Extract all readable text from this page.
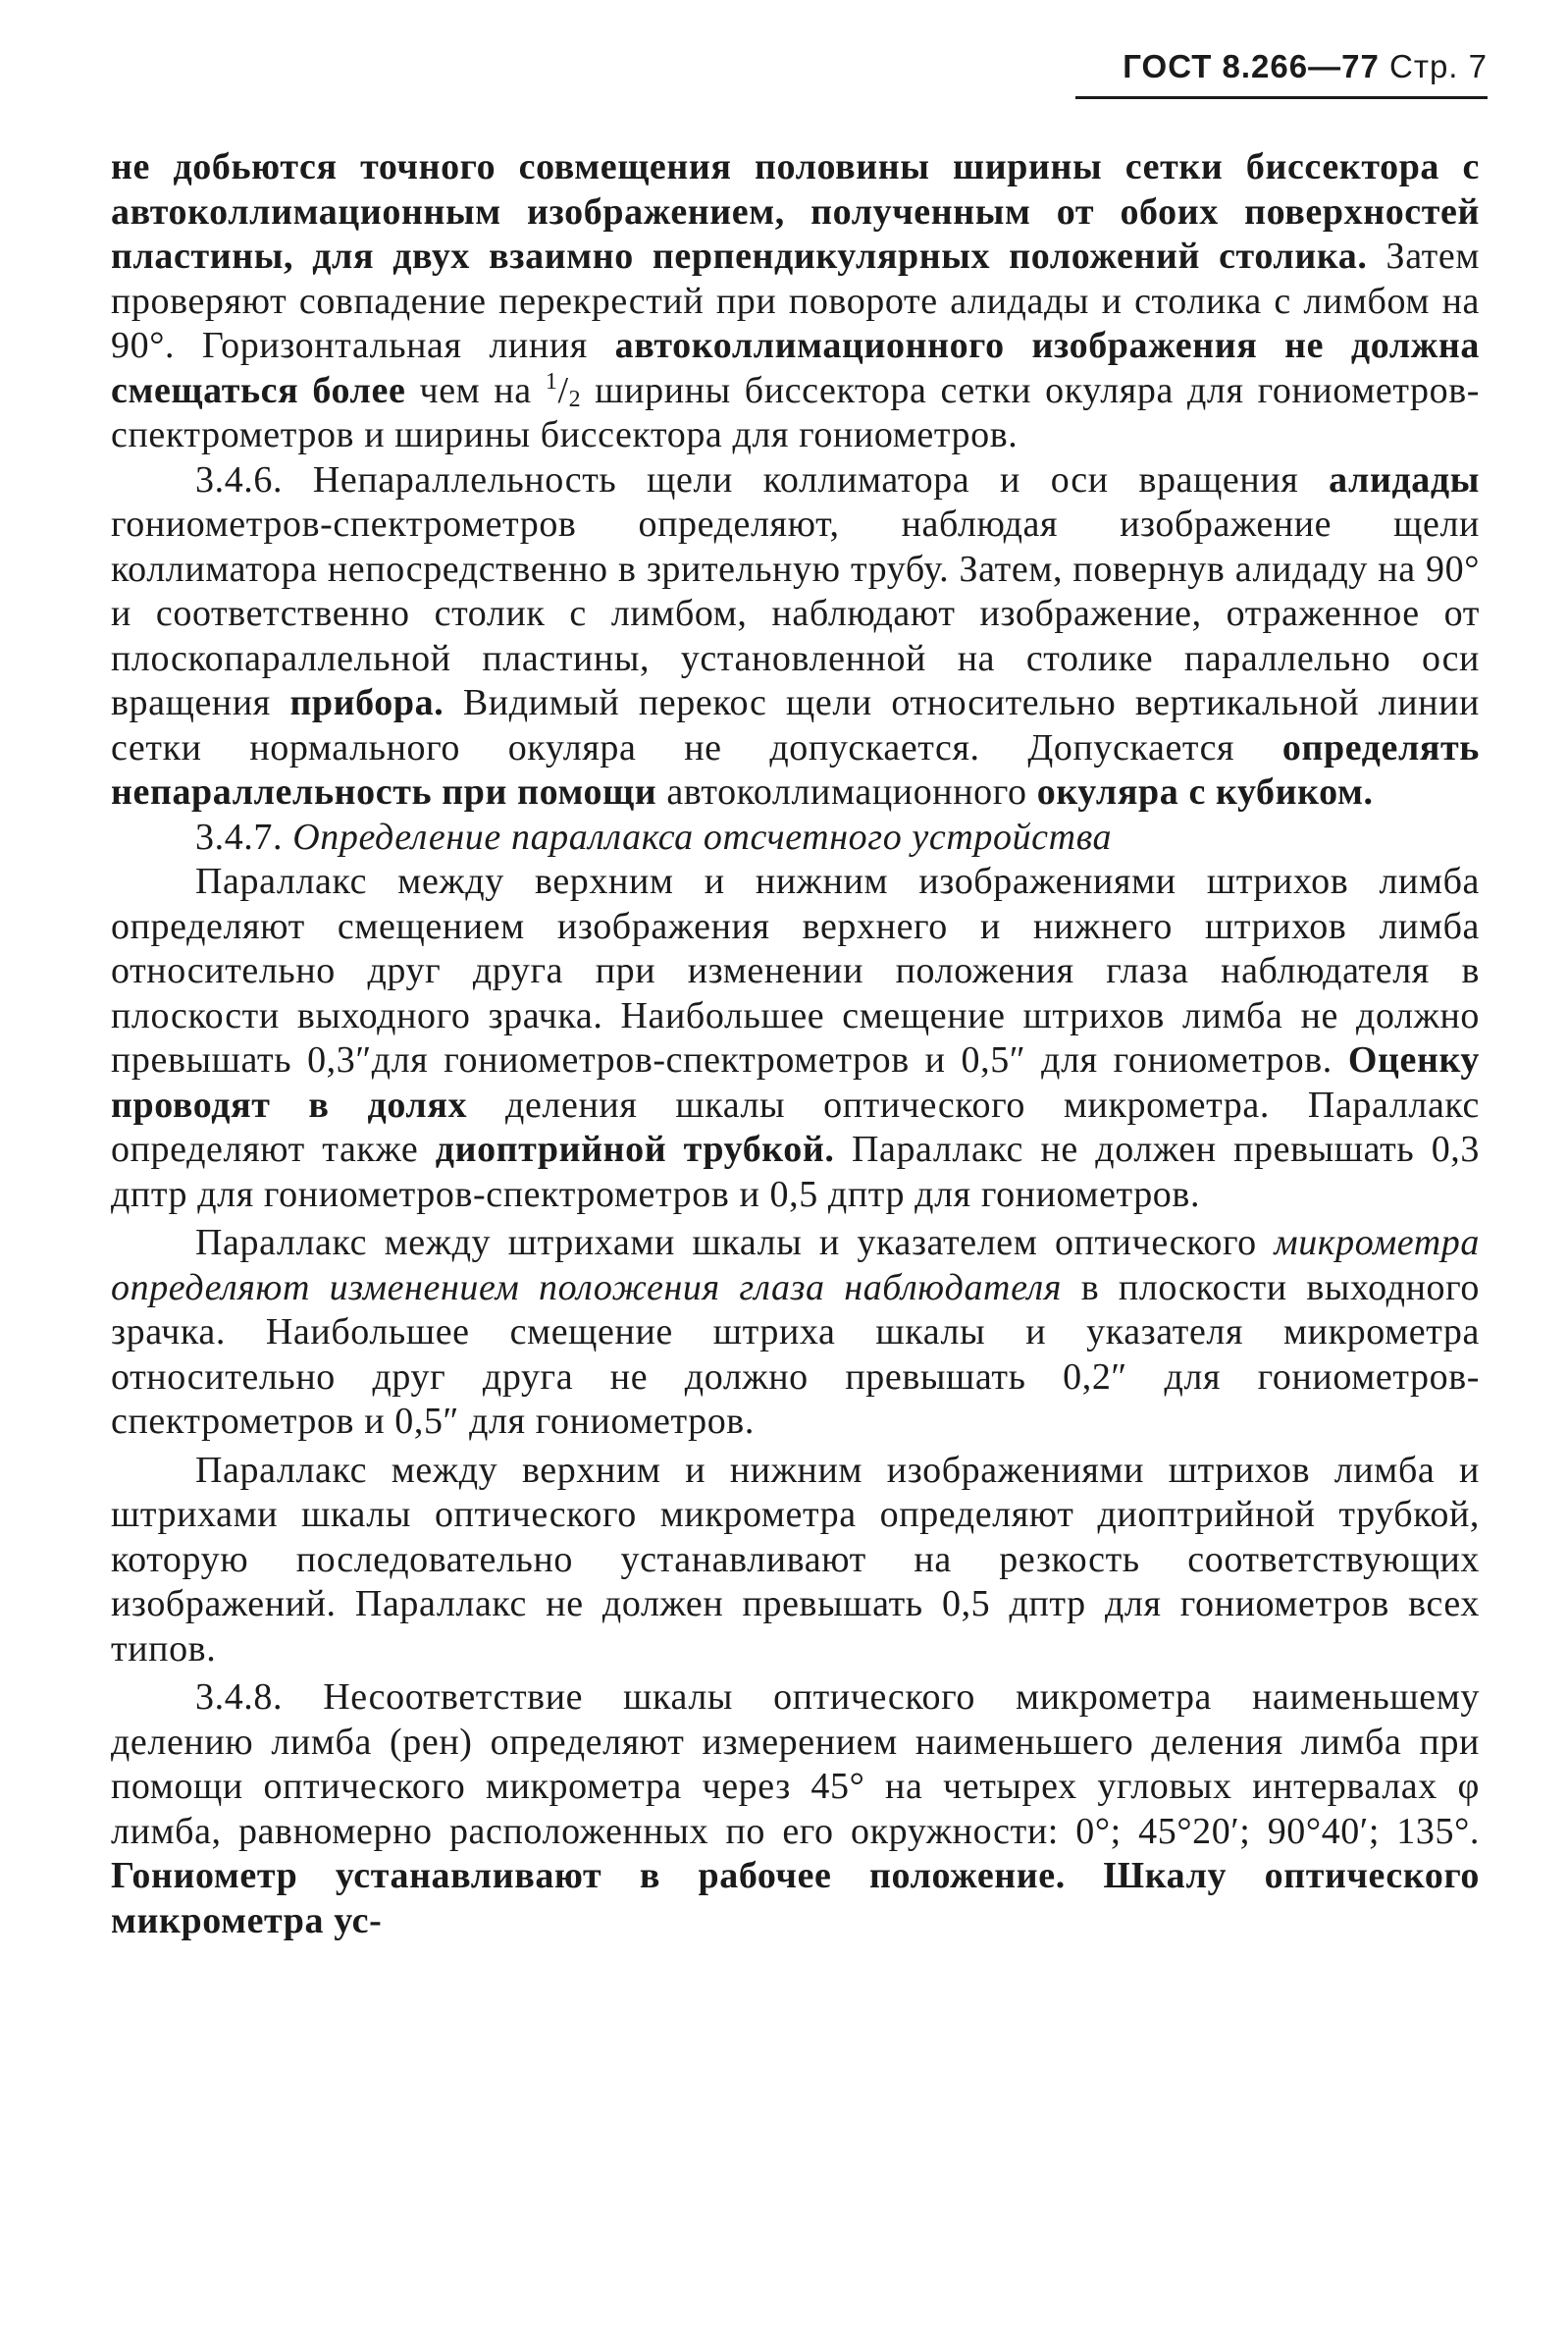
ГОСТ 8.266—77 Стр. 7

не добьются точного совмещения половины ширины сетки биссектора с автоколлимационным изображением, полученным от обоих поверхностей пластины, для двух взаимно перпендикулярных положений столика. Затем проверяют совпадение перекрестий при повороте алидады и столика с лимбом на 90°. Горизонтальная линия автоколлимационного изображения не должна смещаться более чем на $^1/_2$ ширины биссектора сетки окуляра для гониометров-спектрометров и ширины биссектора для гониометров.

3.4.6. Непараллельность щели коллиматора и оси вращения алидады гониометров-спектрометров определяют, наблюдая изображение щели коллиматора непосредственно в зрительную трубу. Затем, повернув алидаду на 90° и соответственно столик с лимбом, наблюдают изображение, отраженное от плоскопараллельной пластины, установленной на столике параллельно оси вращения прибора. Видимый перекос щели относительно вертикальной линии сетки нормального окуляра не допускается. Допускается определять непараллельность при помощи автоколлимационного окуляра с кубиком.

3.4.7. Определение параллакса отсчетного устройства

Параллакс между верхним и нижним изображениями штрихов лимба определяют смещением изображения верхнего и нижнего штрихов лимба относительно друг друга при изменении положения глаза наблюдателя в плоскости выходного зрачка. Наибольшее смещение штрихов лимба не должно превышать 0,3″для гониометров-спектрометров и 0,5″ для гониометров. Оценку проводят в долях деления шкалы оптического микрометра. Параллакс определяют также диоптрийной трубкой. Параллакс не должен превышать 0,3 дптр для гониометров-спектрометров и 0,5 дптр для гониометров.

Параллакс между штрихами шкалы и указателем оптического микрометра определяют изменением положения глаза наблюдателя в плоскости выходного зрачка. Наибольшее смещение штриха шкалы и указателя микрометра относительно друг друга не должно превышать 0,2″ для гониометров-спектрометров и 0,5″ для гониометров.

Параллакс между верхним и нижним изображениями штрихов лимба и штрихами шкалы оптического микрометра определяют диоптрийной трубкой, которую последовательно устанавливают на резкость соответствующих изображений. Параллакс не должен превышать 0,5 дптр для гониометров всех типов.

3.4.8. Несоответствие шкалы оптического микрометра наименьшему делению лимба (рен) определяют измерением наименьшего деления лимба при помощи оптического микрометра через 45° на четырех угловых интервалах φ лимба, равномерно расположенных по его окружности: 0°; 45°20′; 90°40′; 135°. Гониометр устанавливают в рабочее положение. Шкалу оптического микрометра ус-
